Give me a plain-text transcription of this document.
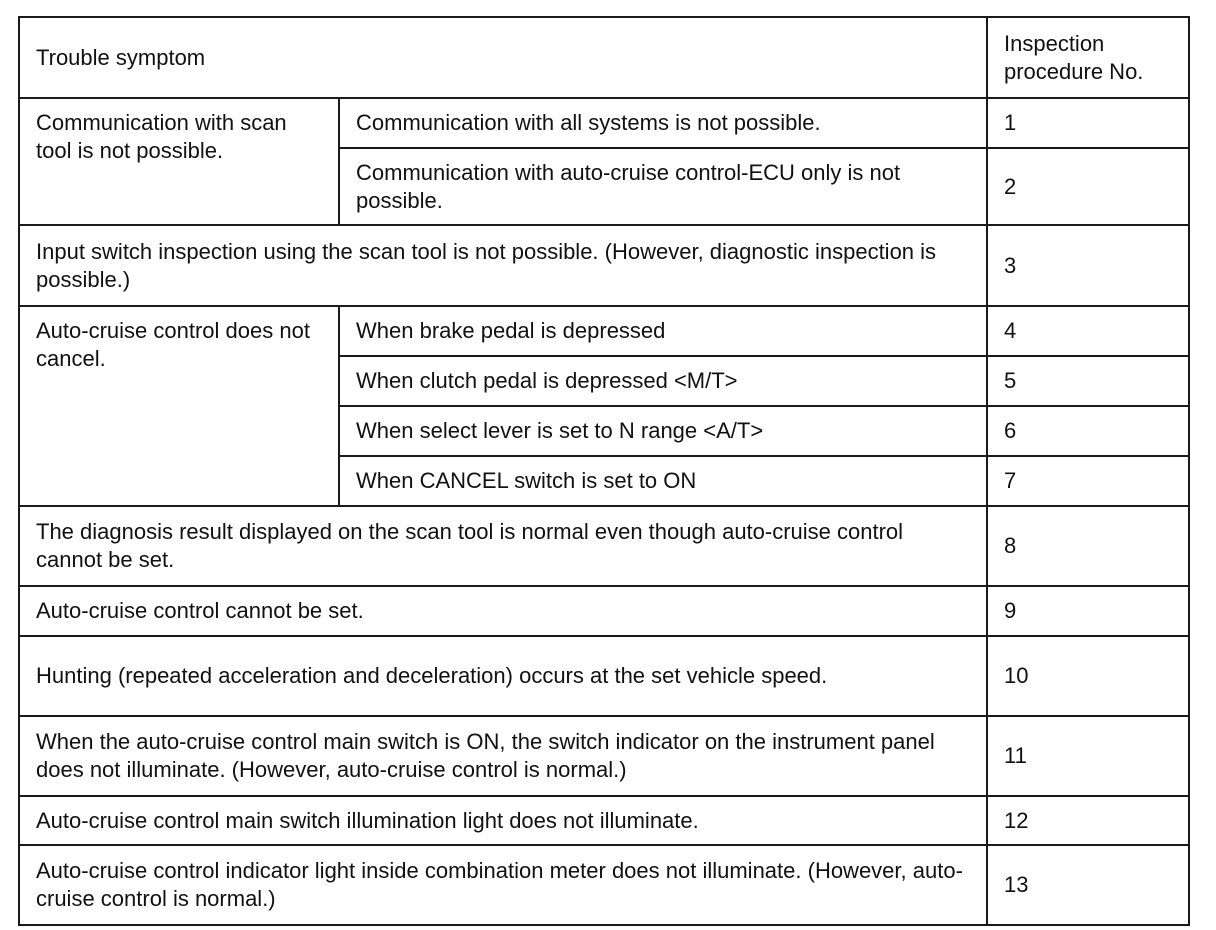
Trouble symptom		Inspection
procedure No.
Communication with scan tool is not possible.	Communication with all systems is not possible.	1
	Communication with auto-cruise control-ECU only is not possible.	2
Input switch inspection using the scan tool is not possible. (However, diagnostic inspection is possible.)		3
Auto-cruise control does not cancel.	When brake pedal is depressed	4
	When clutch pedal is depressed <M/T>	5
	When select lever is set to N range <A/T>	6
	When CANCEL switch is set to ON	7
The diagnosis result displayed on the scan tool is normal even though auto-cruise control cannot be set.		8
Auto-cruise control cannot be set.		9
Hunting (repeated acceleration and deceleration) occurs at the set vehicle speed.		10
When the auto-cruise control main switch is ON, the switch indicator on the instrument panel does not illuminate. (However, auto-cruise control is normal.)		11
Auto-cruise control main switch illumination light does not illuminate.		12
Auto-cruise control indicator light inside combination meter does not illuminate. (However, auto-cruise control is normal.)		13
